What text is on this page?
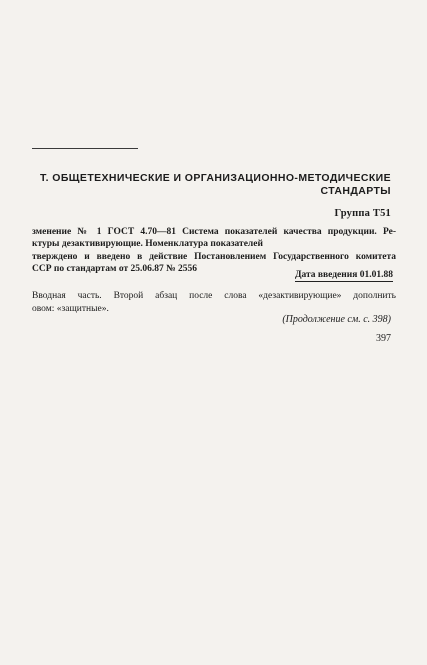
Т. ОБЩЕТЕХНИЧЕСКИЕ И ОРГАНИЗАЦИОННО-МЕТОДИЧЕСКИЕ
СТАНДАРТЫ
Группа Т51
зменение № 1 ГОСТ 4.70—81 Система показателей качества продукции. Ре-
ктуры дезактивирующие. Номенклатура показателей
тверждено и введено в действие Постановлением Государственного комитета
ССР по стандартам от 25.06.87 № 2556
Дата введения 01.01.88
Вводная часть. Второй абзац после слова «дезактивирующие» дополнить
овом: «защитные».
(Продолжение см. с. 398)
397
